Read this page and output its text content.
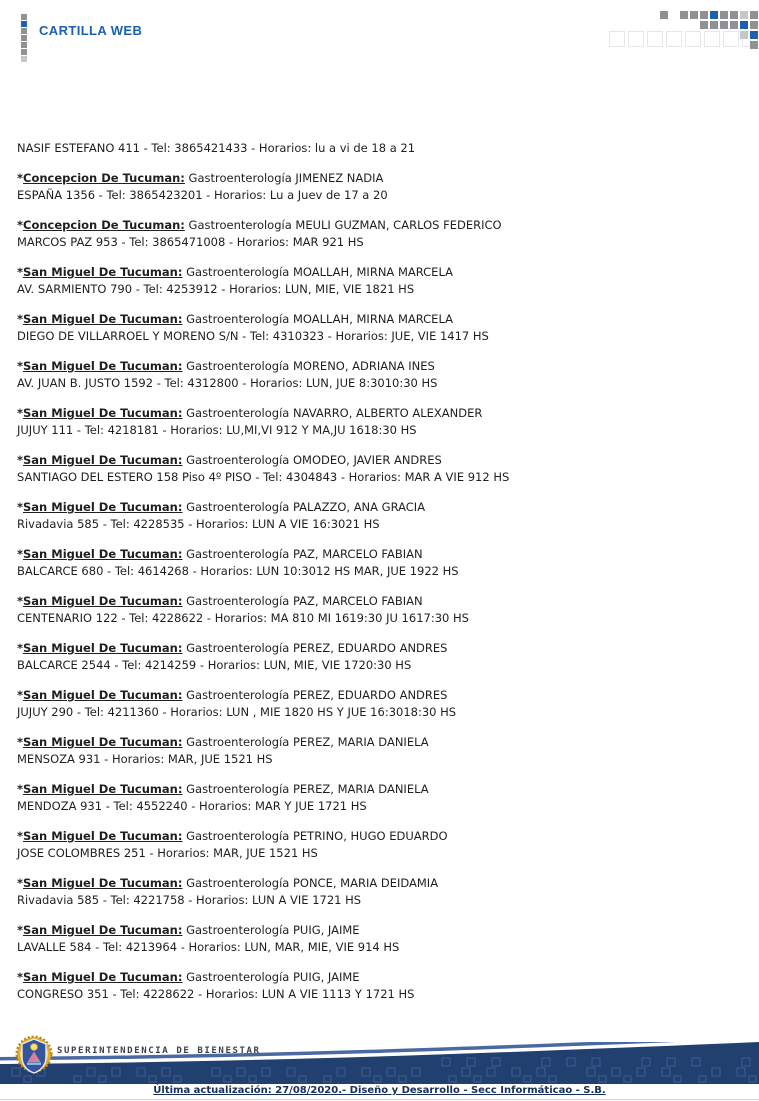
CARTILLA WEB

NASIF ESTEFANO 411 - Tel: 3865421433 - Horarios: lu a vi de 18 a 21

*Concepcion De Tucuman: Gastroenterología JIMENEZ NADIA
ESPAÑA 1356 - Tel: 3865423201 - Horarios: Lu a Juev de 17 a 20

*Concepcion De Tucuman: Gastroenterología MEULI GUZMAN, CARLOS FEDERICO
MARCOS PAZ 953 - Tel: 3865471008 - Horarios: MAR 921 HS

*San Miguel De Tucuman: Gastroenterología MOALLAH, MIRNA MARCELA
AV. SARMIENTO 790 - Tel: 4253912 - Horarios: LUN, MIE, VIE 1821 HS

*San Miguel De Tucuman: Gastroenterología MOALLAH, MIRNA MARCELA
DIEGO DE VILLARROEL Y MORENO S/N - Tel: 4310323 - Horarios: JUE, VIE 1417 HS

*San Miguel De Tucuman: Gastroenterología MORENO, ADRIANA INES
AV. JUAN B. JUSTO 1592 - Tel: 4312800 - Horarios: LUN, JUE 8:3010:30 HS

*San Miguel De Tucuman: Gastroenterología NAVARRO, ALBERTO ALEXANDER
JUJUY 111 - Tel: 4218181 - Horarios: LU,MI,VI 912 Y MA,JU 1618:30 HS

*San Miguel De Tucuman: Gastroenterología OMODEO, JAVIER ANDRES
SANTIAGO DEL ESTERO 158 Piso 4º PISO - Tel: 4304843 - Horarios: MAR A VIE 912 HS

*San Miguel De Tucuman: Gastroenterología PALAZZO, ANA GRACIA
Rivadavia 585 - Tel: 4228535 - Horarios: LUN A VIE 16:3021 HS

*San Miguel De Tucuman: Gastroenterología PAZ, MARCELO FABIAN
BALCARCE 680 - Tel: 4614268 - Horarios: LUN 10:3012 HS MAR, JUE 1922 HS

*San Miguel De Tucuman: Gastroenterología PAZ, MARCELO FABIAN
CENTENARIO 122 - Tel: 4228622 - Horarios: MA 810 MI 1619:30 JU 1617:30 HS

*San Miguel De Tucuman: Gastroenterología PEREZ, EDUARDO ANDRES
BALCARCE 2544 - Tel: 4214259 - Horarios: LUN, MIE, VIE 1720:30 HS

*San Miguel De Tucuman: Gastroenterología PEREZ, EDUARDO ANDRES
JUJUY 290 - Tel: 4211360 - Horarios: LUN , MIE 1820 HS Y JUE 16:3018:30 HS

*San Miguel De Tucuman: Gastroenterología PEREZ, MARIA DANIELA
MENSOZA 931 - Horarios: MAR, JUE 1521 HS

*San Miguel De Tucuman: Gastroenterología PEREZ, MARIA DANIELA
MENDOZA 931 - Tel: 4552240 - Horarios: MAR Y JUE 1721 HS

*San Miguel De Tucuman: Gastroenterología PETRINO, HUGO EDUARDO
JOSE COLOMBRES 251 - Horarios: MAR, JUE 1521 HS

*San Miguel De Tucuman: Gastroenterología PONCE, MARIA DEIDAMIA
Rivadavia 585 - Tel: 4221758 - Horarios: LUN A VIE 1721 HS

*San Miguel De Tucuman: Gastroenterología PUIG, JAIME
LAVALLE 584 - Tel: 4213964 - Horarios: LUN, MAR, MIE, VIE 914 HS

*San Miguel De Tucuman: Gastroenterología PUIG, JAIME
CONGRESO 351 - Tel: 4228622 - Horarios: LUN A VIE 1113 Y 1721 HS

SUPERINTENDENCIA DE BIENESTAR
Última actualización: 27/08/2020.- Diseño y Desarrollo - Secc Informáticao - S.B.
